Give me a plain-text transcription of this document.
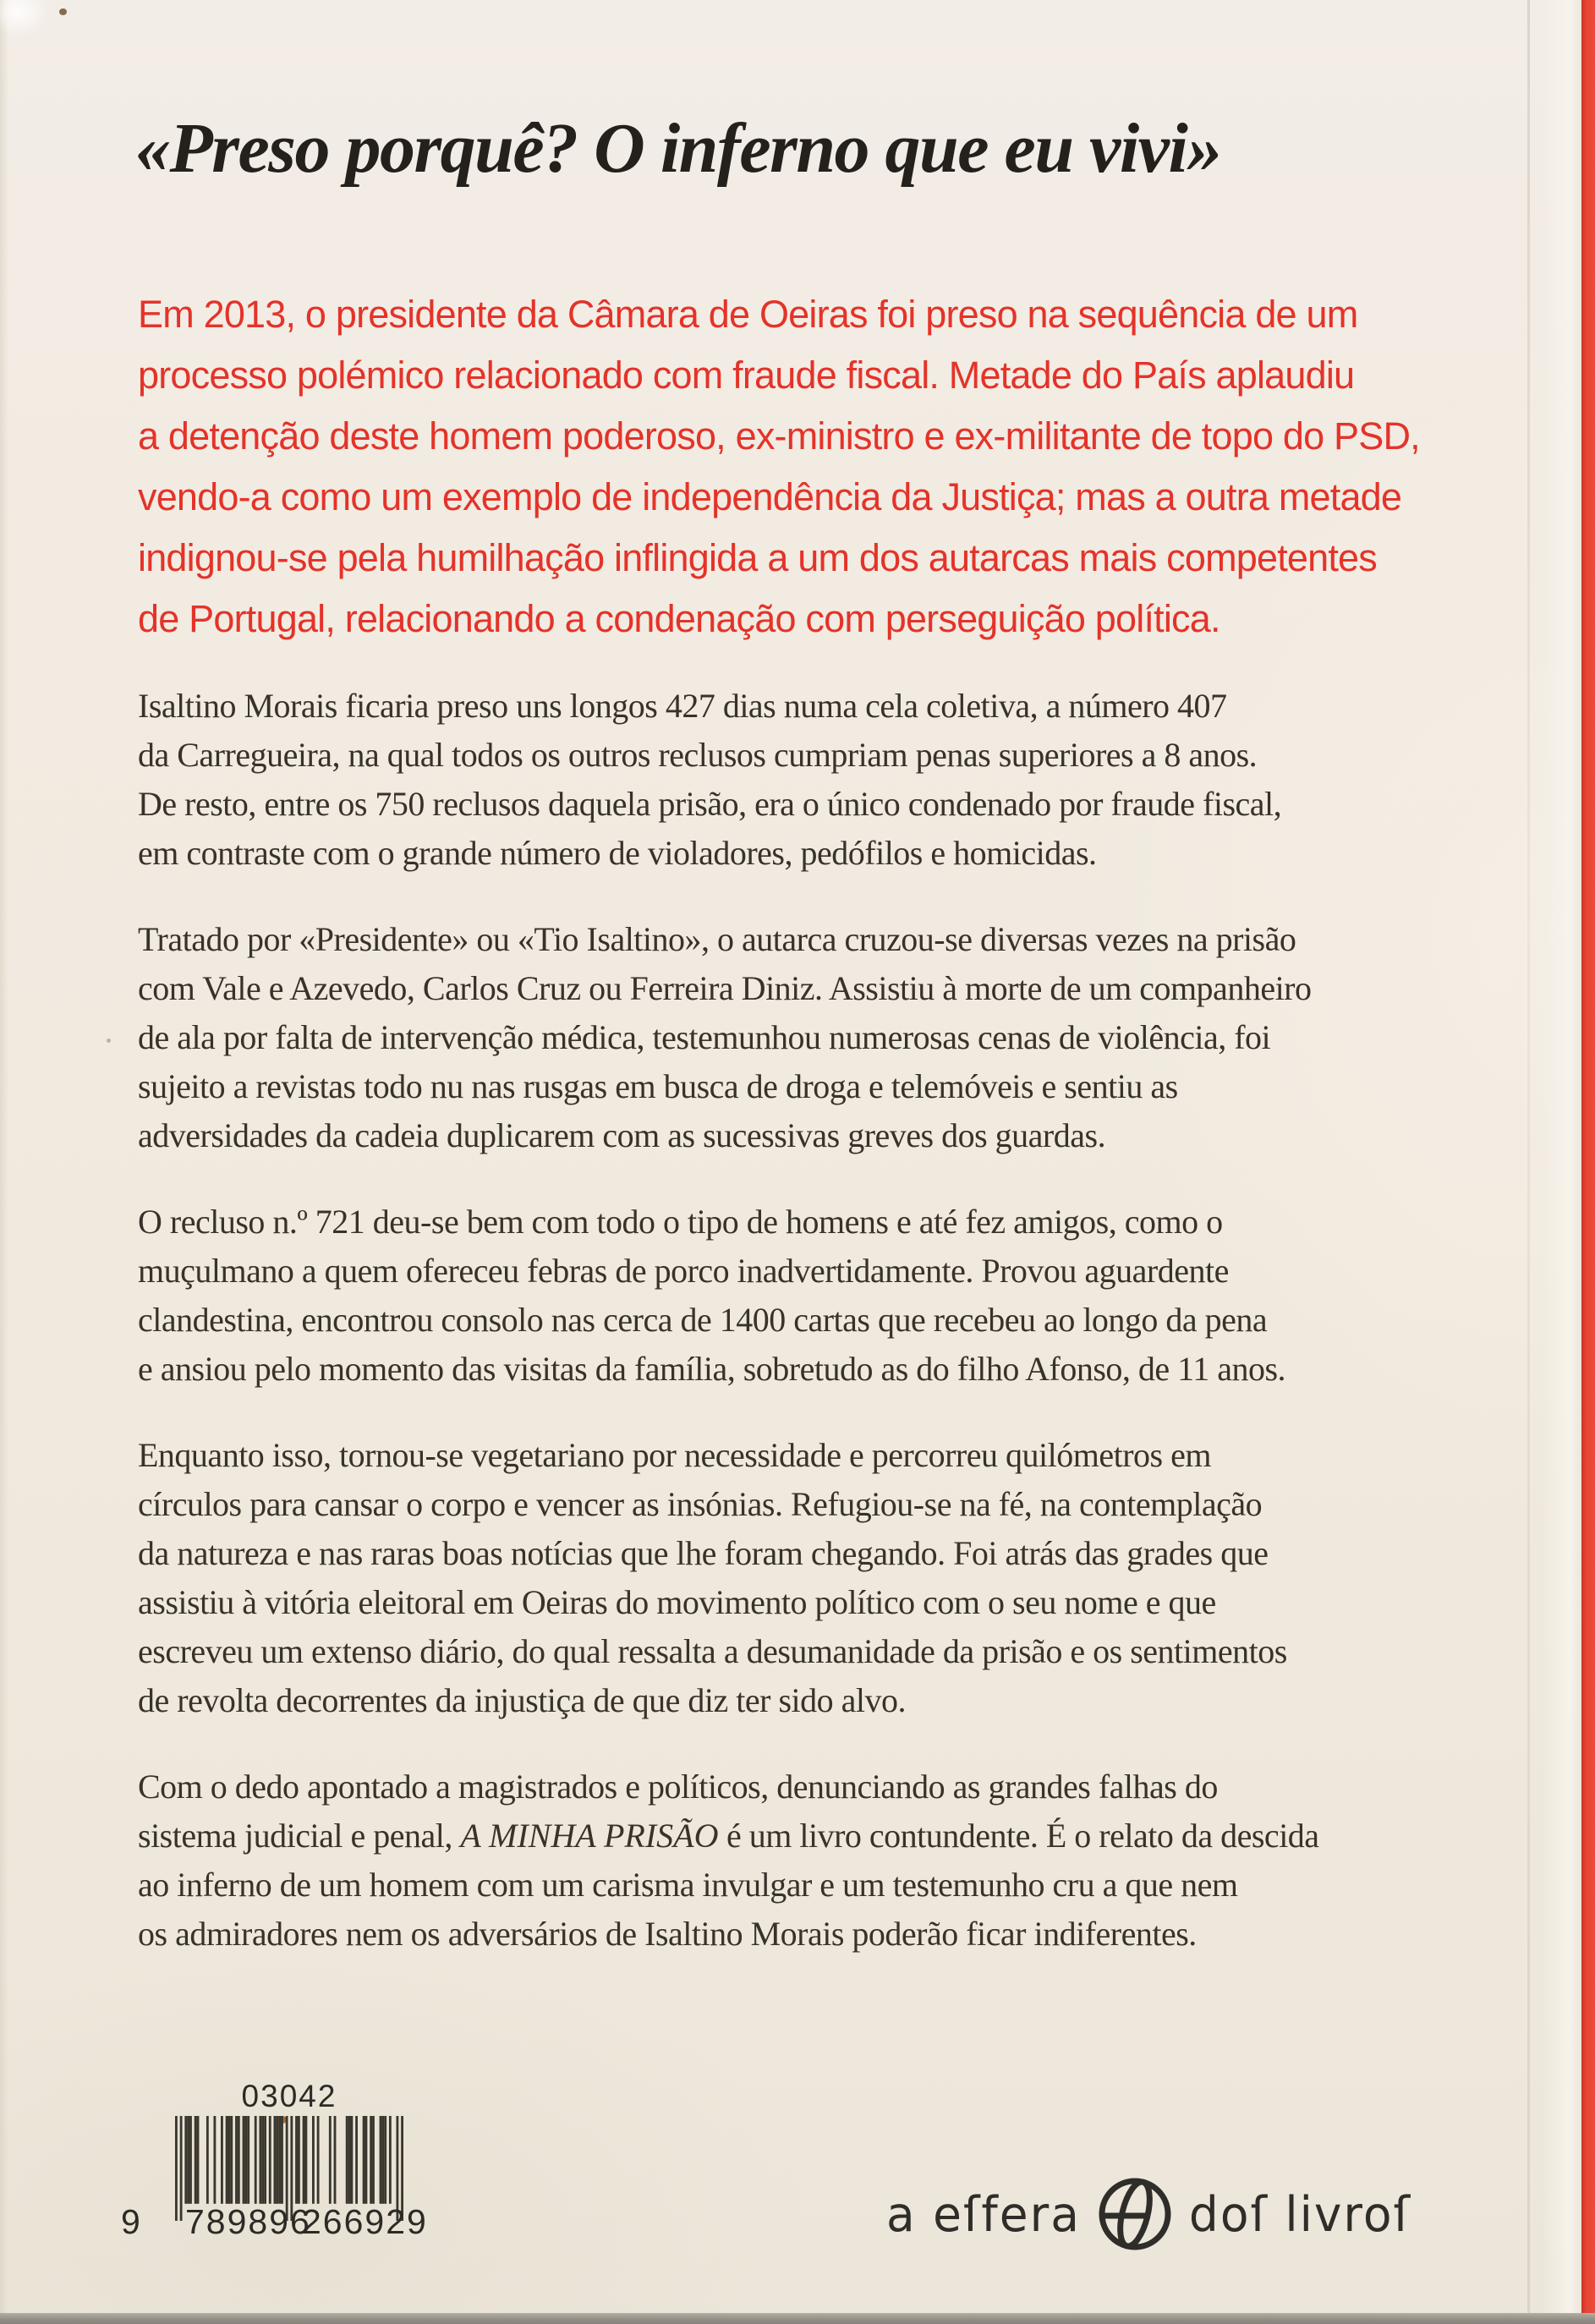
«Preso porquê? O inferno que eu vivi»
Em 2013, o presidente da Câmara de Oeiras foi preso na sequência de um
processo polémico relacionado com fraude fiscal. Metade do País aplaudiu
a detenção deste homem poderoso, ex-ministro e ex-militante de topo do PSD,
vendo-a como um exemplo de independência da Justiça; mas a outra metade
indignou-se pela humilhação inflingida a um dos autarcas mais competentes
de Portugal, relacionando a condenação com perseguição política.

Isaltino Morais ficaria preso uns longos 427 dias numa cela coletiva, a número 407
da Carregueira, na qual todos os outros reclusos cumpriam penas superiores a 8 anos.
De resto, entre os 750 reclusos daquela prisão, era o único condenado por fraude fiscal,
em contraste com o grande número de violadores, pedófilos e homicidas.

Tratado por «Presidente» ou «Tio Isaltino», o autarca cruzou-se diversas vezes na prisão
com Vale e Azevedo, Carlos Cruz ou Ferreira Diniz. Assistiu à morte de um companheiro
de ala por falta de intervenção médica, testemunhou numerosas cenas de violência, foi
sujeito a revistas todo nu nas rusgas em busca de droga e telemóveis e sentiu as
adversidades da cadeia duplicarem com as sucessivas greves dos guardas.

O recluso n.º 721 deu-se bem com todo o tipo de homens e até fez amigos, como o
muçulmano a quem ofereceu febras de porco inadvertidamente. Provou aguardente
clandestina, encontrou consolo nas cerca de 1400 cartas que recebeu ao longo da pena
e ansiou pelo momento das visitas da família, sobretudo as do filho Afonso, de 11 anos.

Enquanto isso, tornou-se vegetariano por necessidade e percorreu quilómetros em
círculos para cansar o corpo e vencer as insónias. Refugiou-se na fé, na contemplação
da natureza e nas raras boas notícias que lhe foram chegando. Foi atrás das grades que
assistiu à vitória eleitoral em Oeiras do movimento político com o seu nome e que
escreveu um extenso diário, do qual ressalta a desumanidade da prisão e os sentimentos
de revolta decorrentes da injustiça de que diz ter sido alvo.

Com o dedo apontado a magistrados e políticos, denunciando as grandes falhas do
sistema judicial e penal, A MINHA PRISÃO é um livro contundente. É o relato da descida
ao inferno de um homem com um carisma invulgar e um testemunho cru a que nem
os admiradores nem os adversários de Isaltino Morais poderão ficar indiferentes.

03042
9 789896
266929	a eſfera doſ livroſ
